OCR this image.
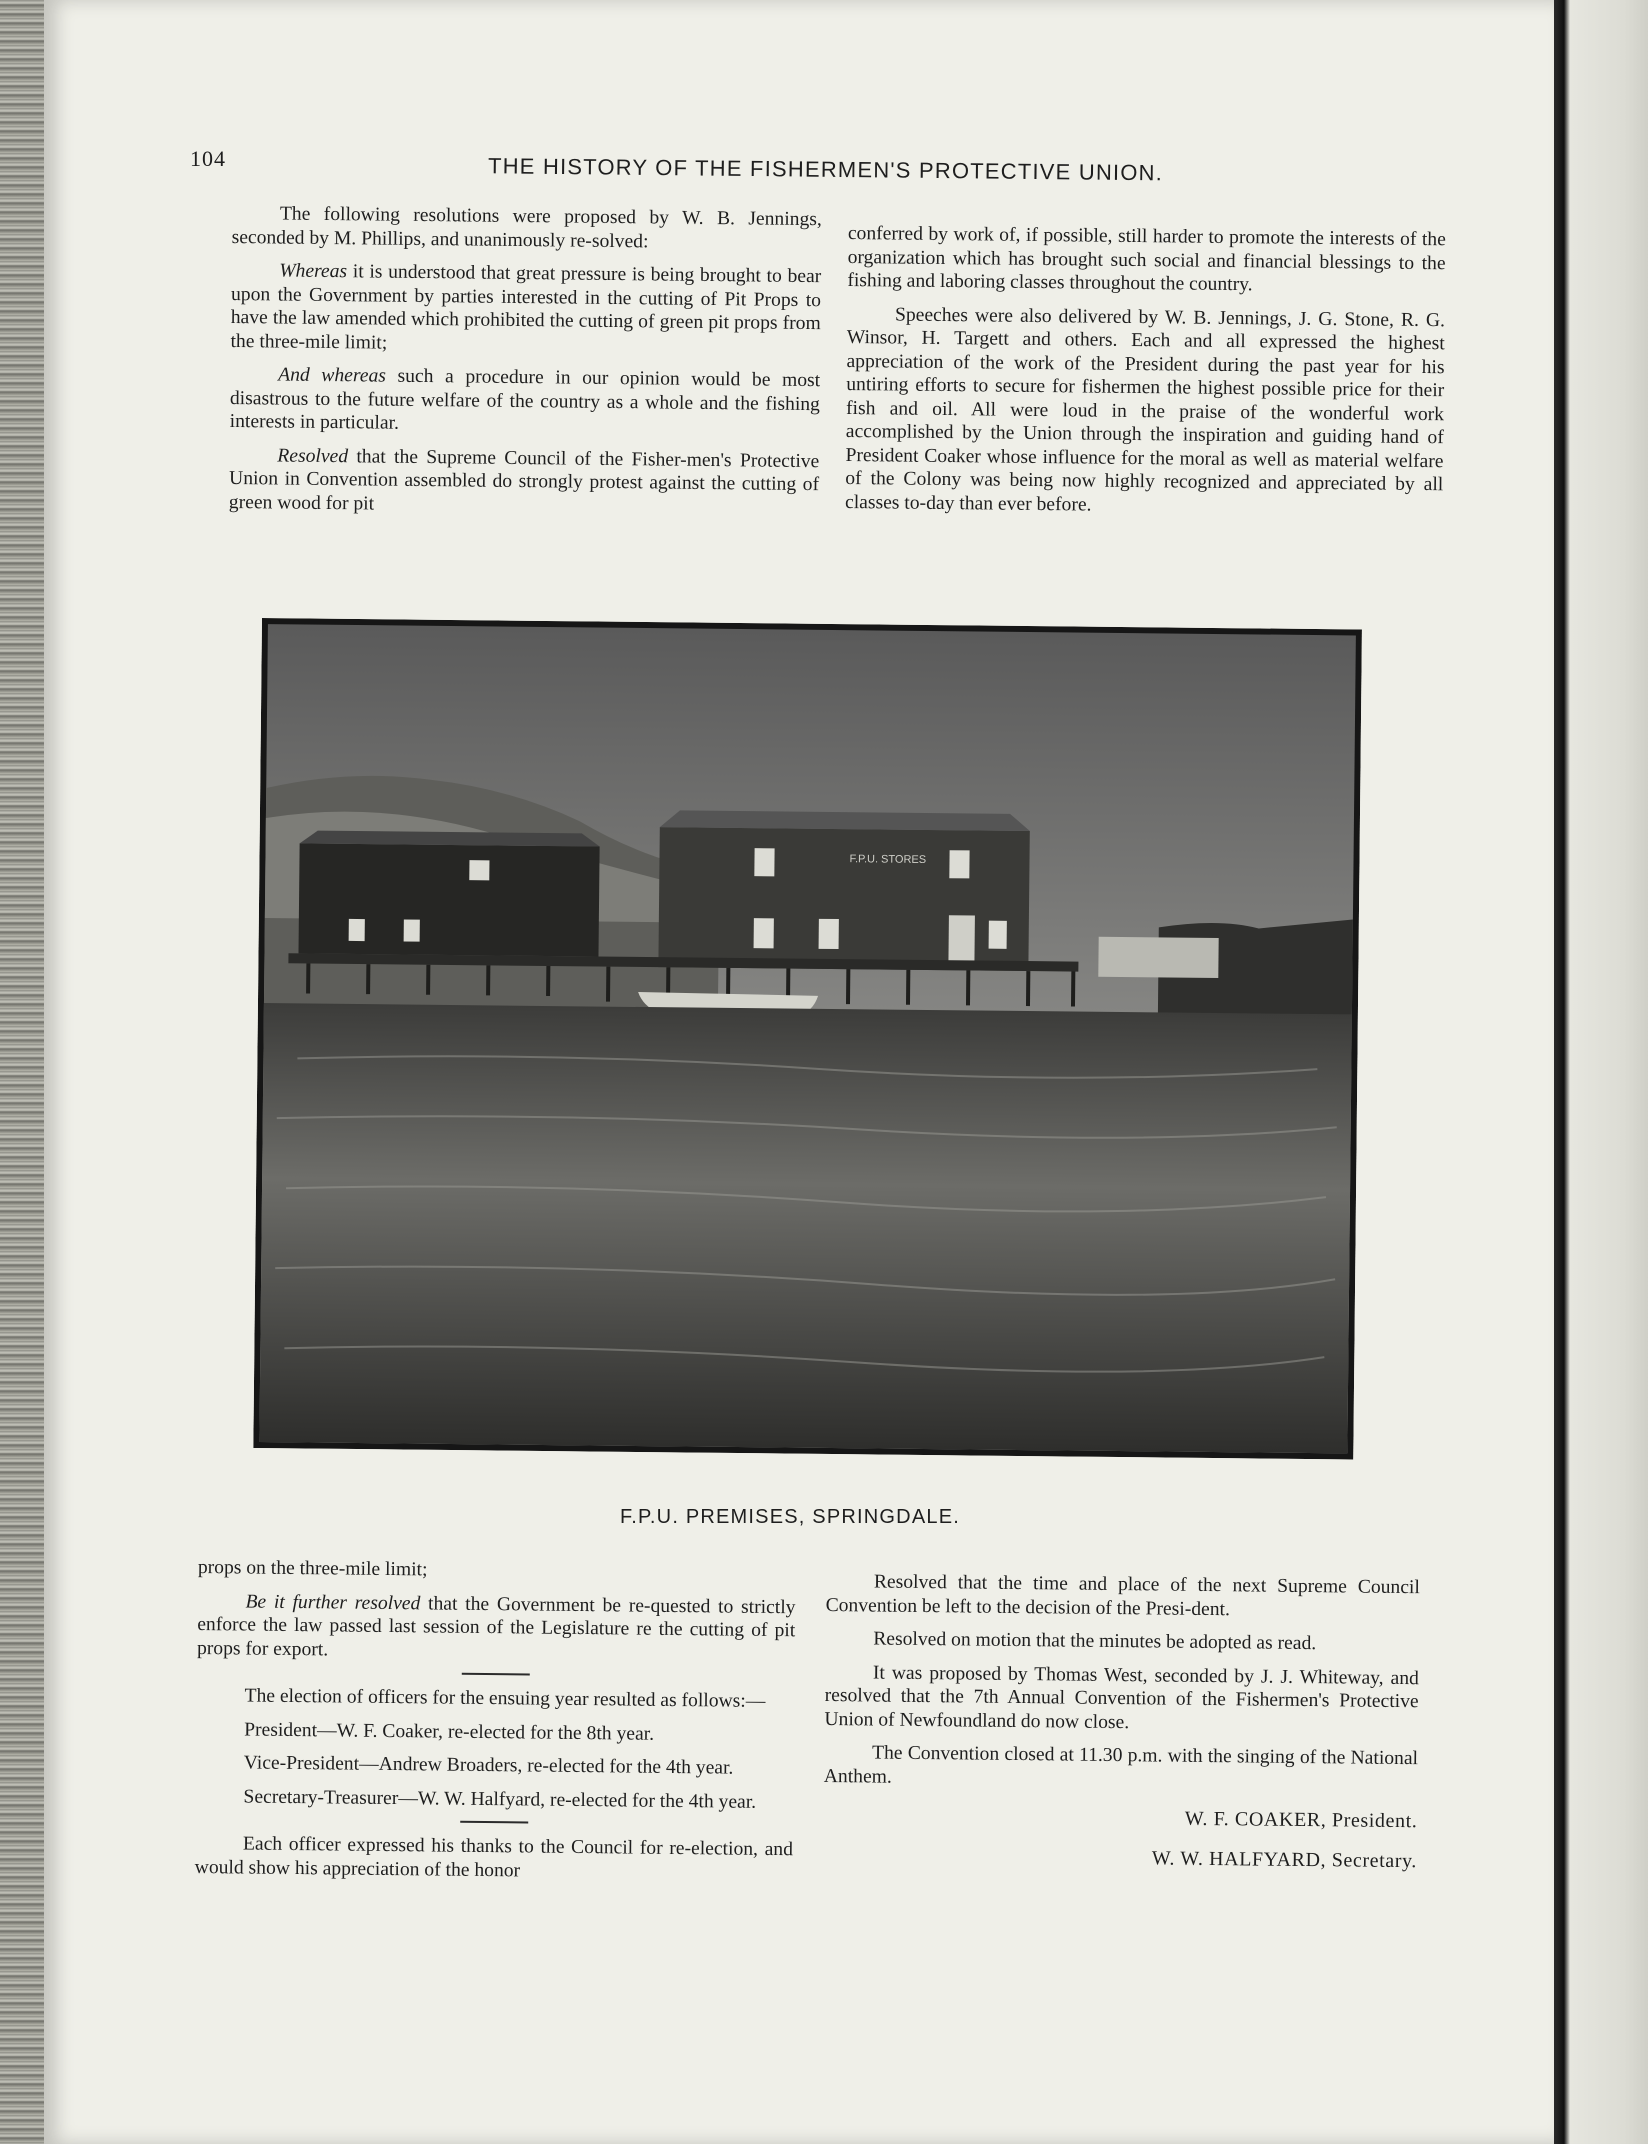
104	THE HISTORY OF THE FISHERMEN'S PROTECTIVE UNION.

The following resolutions were proposed by W. B. Jennings, seconded by M. Phillips, and unanimously re-solved:

Whereas it is understood that great pressure is being brought to bear upon the Government by parties interested in the cutting of Pit Props to have the law amended which prohibited the cutting of green pit props from the three-mile limit;

And whereas such a procedure in our opinion would be most disastrous to the future welfare of the country as a whole and the fishing interests in particular.

Resolved that the Supreme Council of the Fisher-men's Protective Union in Convention assembled do strongly protest against the cutting of green wood for pit

conferred by work of, if possible, still harder to promote the interests of the organization which has brought such social and financial blessings to the fishing and laboring classes throughout the country.

Speeches were also delivered by W. B. Jennings, J. G. Stone, R. G. Winsor, H. Targett and others. Each and all expressed the highest appreciation of the work of the President during the past year for his untiring efforts to secure for fishermen the highest possible price for their fish and oil. All were loud in the praise of the wonderful work accomplished by the Union through the inspiration and guiding hand of President Coaker whose influence for the moral as well as material welfare of the Colony was being now highly recognized and appreciated by all classes to-day than ever before.

F.P.U. STORES
F.P.U. PREMISES, SPRINGDALE.

props on the three-mile limit;

Be it further resolved that the Government be re-quested to strictly enforce the law passed last session of the Legislature re the cutting of pit props for export.

The election of officers for the ensuing year resulted as follows:—

President—W. F. Coaker, re-elected for the 8th year.

Vice-President—Andrew Broaders, re-elected for the 4th year.

Secretary-Treasurer—W. W. Halfyard, re-elected for the 4th year.

Each officer expressed his thanks to the Council for re-election, and would show his appreciation of the honor

Resolved that the time and place of the next Supreme Council Convention be left to the decision of the Presi-dent.

Resolved on motion that the minutes be adopted as read.

It was proposed by Thomas West, seconded by J. J. Whiteway, and resolved that the 7th Annual Convention of the Fishermen's Protective Union of Newfoundland do now close.

The Convention closed at 11.30 p.m. with the singing of the National Anthem.

W. F. COAKER, President.

W. W. HALFYARD, Secretary.
